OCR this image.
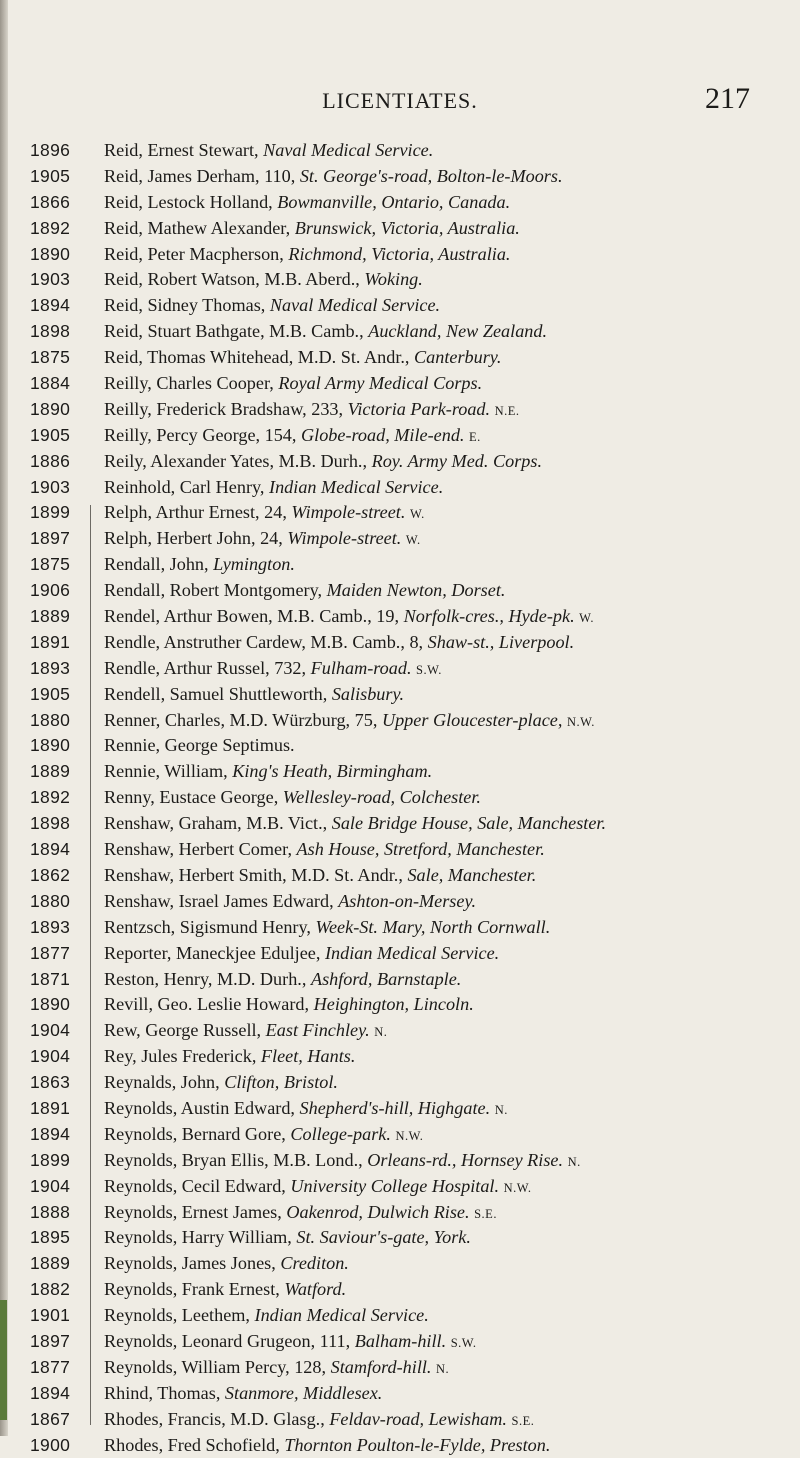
LICENTIATES.	217
1896	Reid, Ernest Stewart, Naval Medical Service.
1905	Reid, James Derham, 110, St. George's-road, Bolton-le-Moors.
1866	Reid, Lestock Holland, Bowmanville, Ontario, Canada.
1892	Reid, Mathew Alexander, Brunswick, Victoria, Australia.
1890	Reid, Peter Macpherson, Richmond, Victoria, Australia.
1903	Reid, Robert Watson, M.B. Aberd., Woking.
1894	Reid, Sidney Thomas, Naval Medical Service.
1898	Reid, Stuart Bathgate, M.B. Camb., Auckland, New Zealand.
1875	Reid, Thomas Whitehead, M.D. St. Andr., Canterbury.
1884	Reilly, Charles Cooper, Royal Army Medical Corps.
1890	Reilly, Frederick Bradshaw, 233, Victoria Park-road. N.E.
1905	Reilly, Percy George, 154, Globe-road, Mile-end. E.
1886	Reily, Alexander Yates, M.B. Durh., Roy. Army Med. Corps.
1903	Reinhold, Carl Henry, Indian Medical Service.
1899	Relph, Arthur Ernest, 24, Wimpole-street. W.
1897	Relph, Herbert John, 24, Wimpole-street. W.
1875	Rendall, John, Lymington.
1906	Rendall, Robert Montgomery, Maiden Newton, Dorset.
1889	Rendel, Arthur Bowen, M.B. Camb., 19, Norfolk-cres., Hyde-pk. W.
1891	Rendle, Anstruther Cardew, M.B. Camb., 8, Shaw-st., Liverpool.
1893	Rendle, Arthur Russel, 732, Fulham-road. S.W.
1905	Rendell, Samuel Shuttleworth, Salisbury.
1880	Renner, Charles, M.D. Würzburg, 75, Upper Gloucester-place, N.W.
1890	Rennie, George Septimus.
1889	Rennie, William, King's Heath, Birmingham.
1892	Renny, Eustace George, Wellesley-road, Colchester.
1898	Renshaw, Graham, M.B. Vict., Sale Bridge House, Sale, Manchester.
1894	Renshaw, Herbert Comer, Ash House, Stretford, Manchester.
1862	Renshaw, Herbert Smith, M.D. St. Andr., Sale, Manchester.
1880	Renshaw, Israel James Edward, Ashton-on-Mersey.
1893	Rentzsch, Sigismund Henry, Week-St. Mary, North Cornwall.
1877	Reporter, Maneckjee Eduljee, Indian Medical Service.
1871	Reston, Henry, M.D. Durh., Ashford, Barnstaple.
1890	Revill, Geo. Leslie Howard, Heighington, Lincoln.
1904	Rew, George Russell, East Finchley. N.
1904	Rey, Jules Frederick, Fleet, Hants.
1863	Reynalds, John, Clifton, Bristol.
1891	Reynolds, Austin Edward, Shepherd's-hill, Highgate. N.
1894	Reynolds, Bernard Gore, College-park. N.W.
1899	Reynolds, Bryan Ellis, M.B. Lond., Orleans-rd., Hornsey Rise. N.
1904	Reynolds, Cecil Edward, University College Hospital. N.W.
1888	Reynolds, Ernest James, Oakenrod, Dulwich Rise. S.E.
1895	Reynolds, Harry William, St. Saviour's-gate, York.
1889	Reynolds, James Jones, Crediton.
1882	Reynolds, Frank Ernest, Watford.
1901	Reynolds, Leethem, Indian Medical Service.
1897	Reynolds, Leonard Grugeon, 111, Balham-hill. S.W.
1877	Reynolds, William Percy, 128, Stamford-hill. N.
1894	Rhind, Thomas, Stanmore, Middlesex.
1867	Rhodes, Francis, M.D. Glasg., Feldav-road, Lewisham. S.E.
1900	Rhodes, Fred Schofield, Thornton Poulton-le-Fylde, Preston.
